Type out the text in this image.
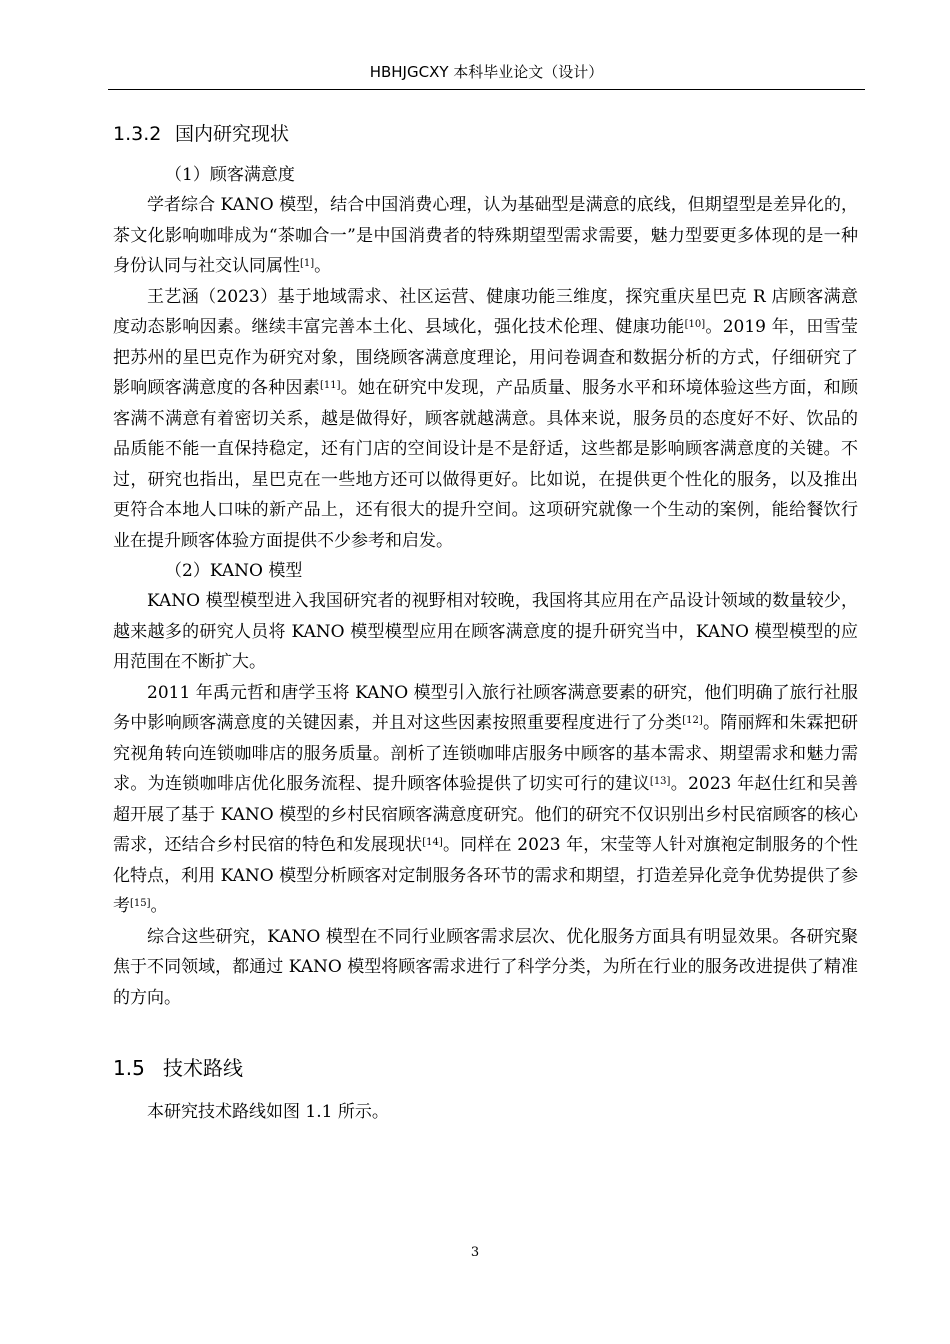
HBHJGCXY 本科毕业论文（设计）
1.3.2 国内研究现状

（1）顾客满意度

学者综合 KANO 模型，结合中国消费心理，认为基础型是满意的底线，但期望型是差异化的，茶文化影响咖啡成为“茶咖合一”是中国消费者的特殊期望型需求需要，魅力型要更多体现的是一种身份认同与社交认同属性[1]。

王艺涵（2023）基于地域需求、社区运营、健康功能三维度，探究重庆星巴克 R 店顾客满意度动态影响因素。继续丰富完善本土化、县域化，强化技术伦理、健康功能[10]。2019 年，田雪莹把苏州的星巴克作为研究对象，围绕顾客满意度理论，用问卷调查和数据分析的方式，仔细研究了影响顾客满意度的各种因素[11]。她在研究中发现，产品质量、服务水平和环境体验这些方面，和顾客满不满意有着密切关系，越是做得好，顾客就越满意。具体来说，服务员的态度好不好、饮品的品质能不能一直保持稳定，还有门店的空间设计是不是舒适，这些都是影响顾客满意度的关键。不过，研究也指出，星巴克在一些地方还可以做得更好。比如说，在提供更个性化的服务，以及推出更符合本地人口味的新产品上，还有很大的提升空间。这项研究就像一个生动的案例，能给餐饮行业在提升顾客体验方面提供不少参考和启发。

（2）KANO 模型

KANO 模型模型进入我国研究者的视野相对较晚，我国将其应用在产品设计领域的数量较少，越来越多的研究人员将 KANO 模型模型应用在顾客满意度的提升研究当中，KANO 模型模型的应用范围在不断扩大。

2011 年禹元哲和唐学玉将 KANO 模型引入旅行社顾客满意要素的研究，他们明确了旅行社服务中影响顾客满意度的关键因素，并且对这些因素按照重要程度进行了分类[12]。隋丽辉和朱霖把研究视角转向连锁咖啡店的服务质量。剖析了连锁咖啡店服务中顾客的基本需求、期望需求和魅力需求。为连锁咖啡店优化服务流程、提升顾客体验提供了切实可行的建议[13]。2023 年赵仕红和吴善超开展了基于 KANO 模型的乡村民宿顾客满意度研究。他们的研究不仅识别出乡村民宿顾客的核心需求，还结合乡村民宿的特色和发展现状[14]。同样在 2023 年，宋莹等人针对旗袍定制服务的个性化特点，利用 KANO 模型分析顾客对定制服务各环节的需求和期望，打造差异化竞争优势提供了参考[15]。

综合这些研究，KANO 模型在不同行业顾客需求层次、优化服务方面具有明显效果。各研究聚焦于不同领域，都通过 KANO 模型将顾客需求进行了科学分类，为所在行业的服务改进提供了精准的方向。

1.5 技术路线

本研究技术路线如图 1.1 所示。

3
